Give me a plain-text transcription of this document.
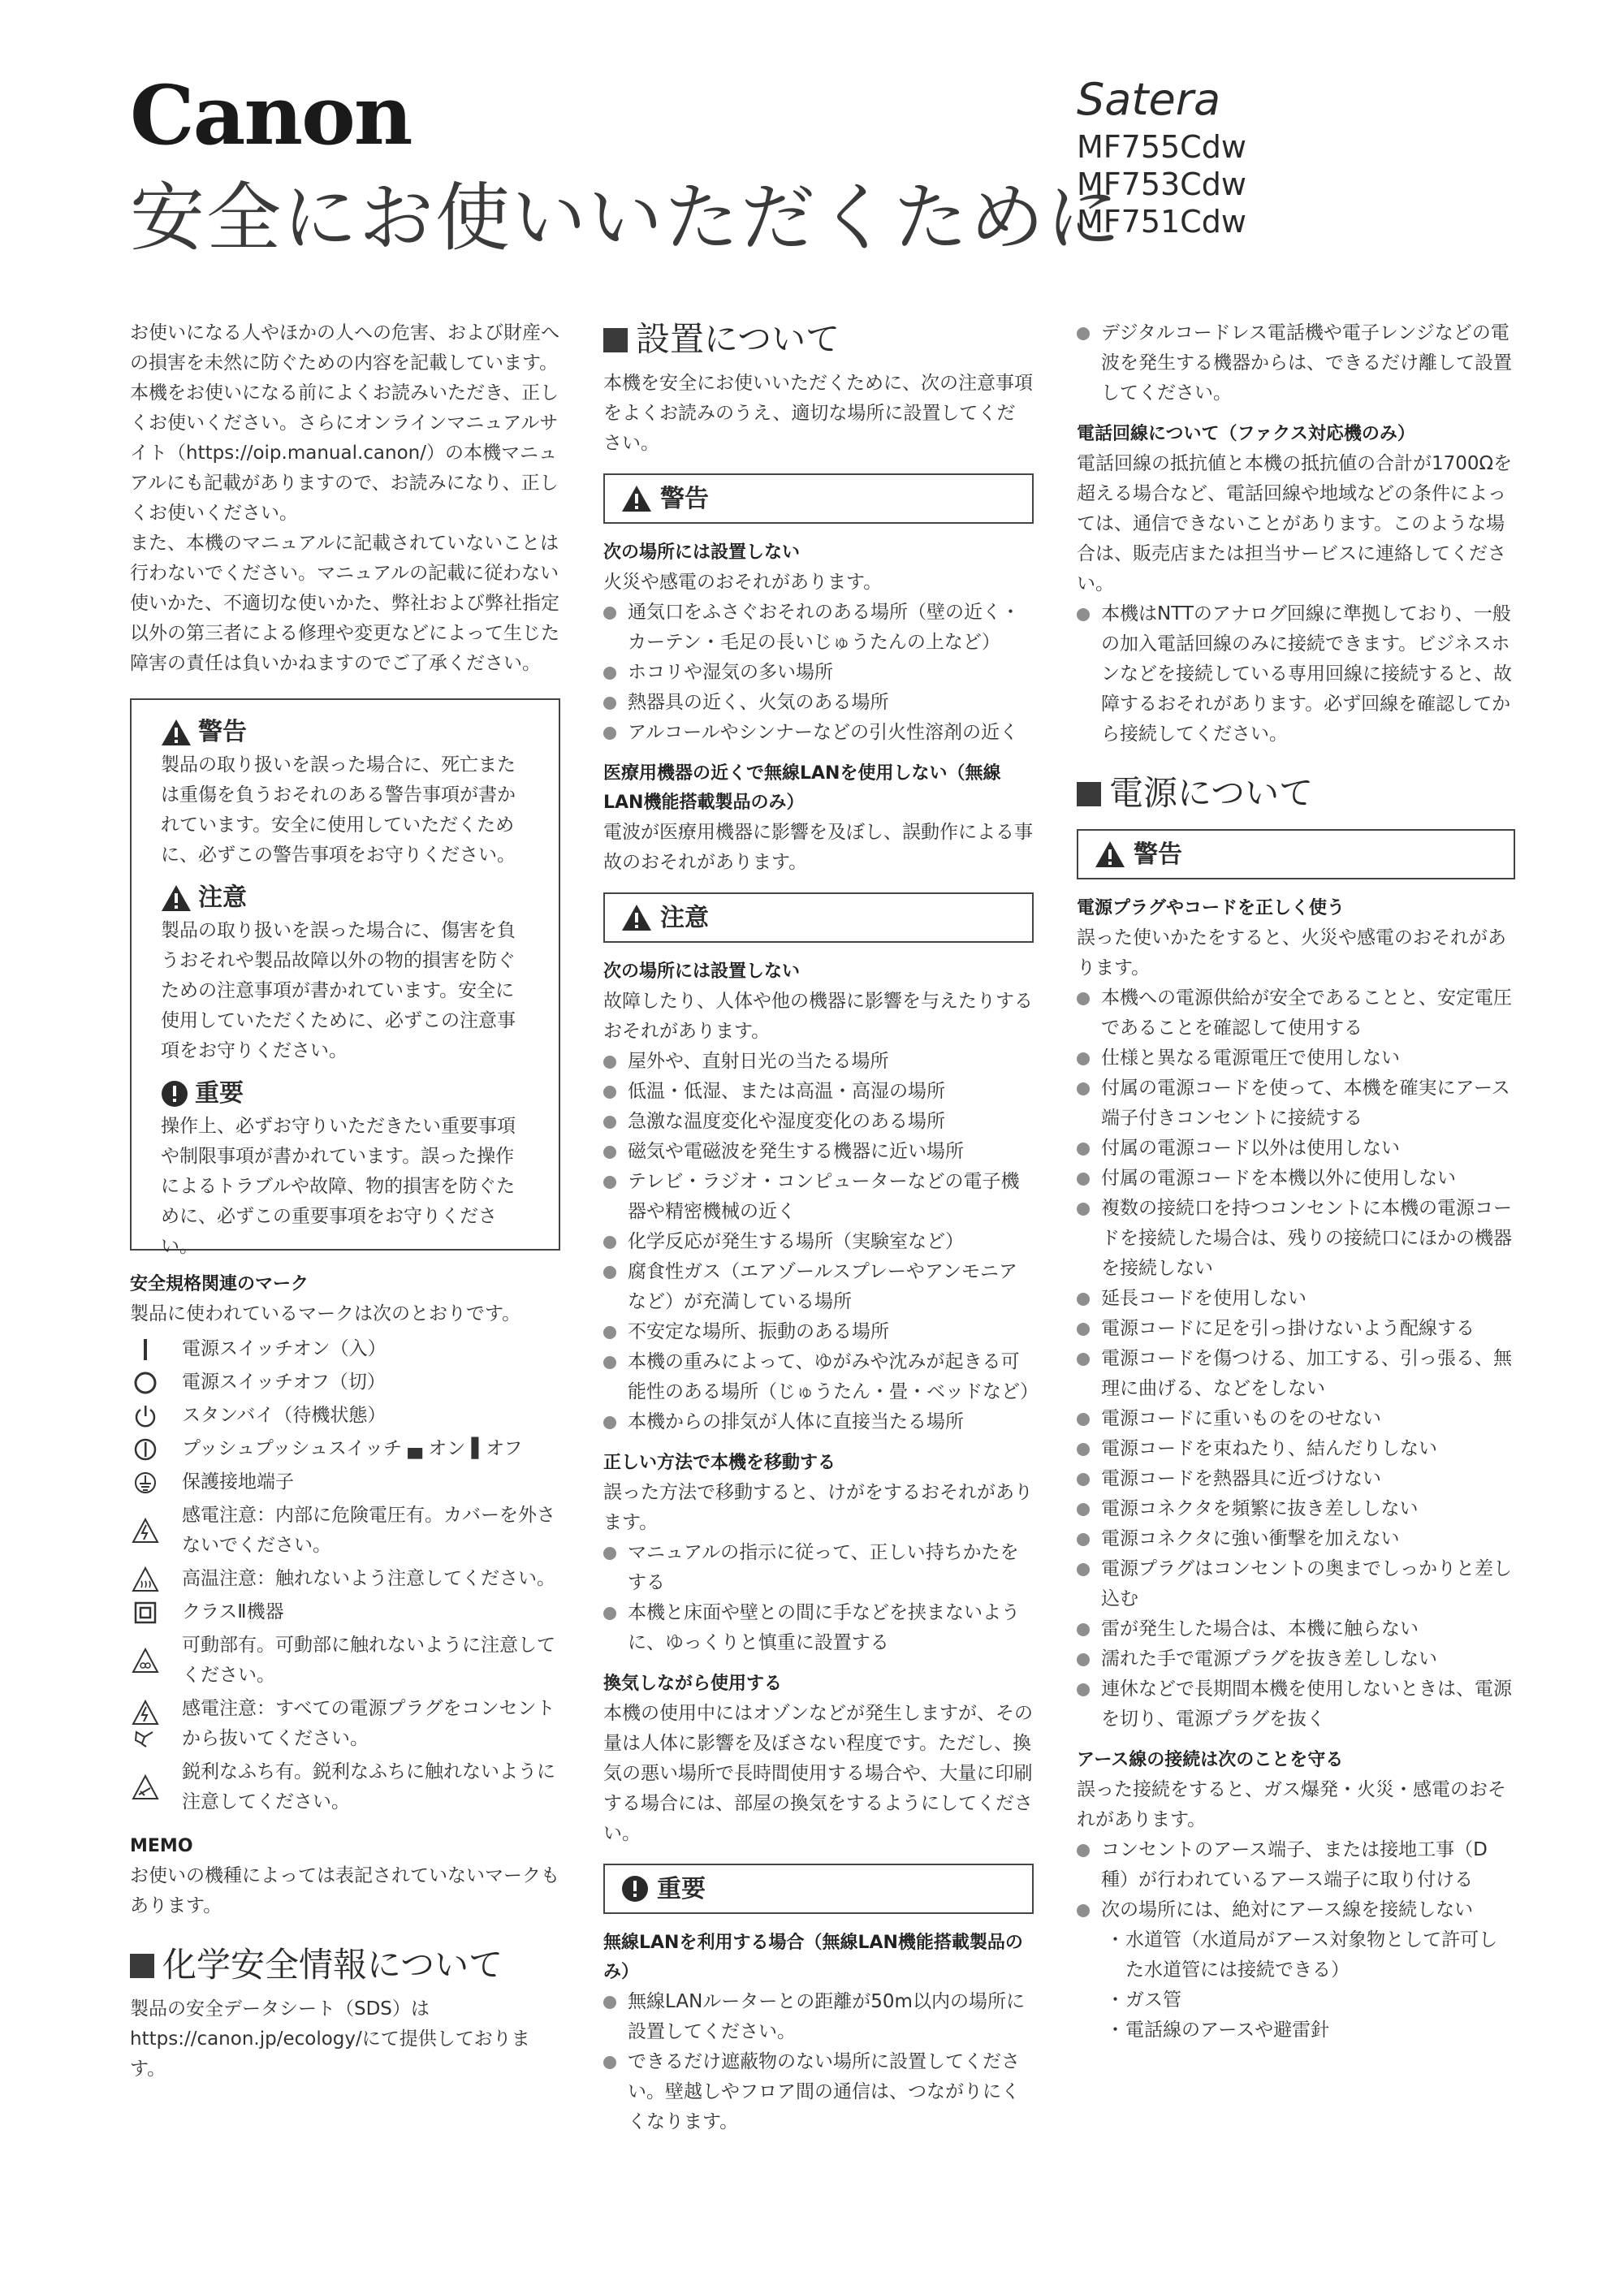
Canon
安全にお使いいただくために
Satera
MF755Cdw
MF753Cdw
MF751Cdw

お使いになる人やほかの人への危害、および財産への損害を未然に防ぐための内容を記載しています。本機をお使いになる前によくお読みいただき、正しくお使いください。さらにオンラインマニュアルサイト（https://oip.manual.canon/）の本機マニュアルにも記載がありますので、お読みになり、正しくお使いください。

また、本機のマニュアルに記載されていないことは行わないでください。マニュアルの記載に従わない使いかた、不適切な使いかた、弊社および弊社指定以外の第三者による修理や変更などによって生じた障害の責任は負いかねますのでご了承ください。

警告

製品の取り扱いを誤った場合に、死亡または重傷を負うおそれのある警告事項が書かれています。安全に使用していただくために、必ずこの警告事項をお守りください。

注意

製品の取り扱いを誤った場合に、傷害を負うおそれや製品故障以外の物的損害を防ぐための注意事項が書かれています。安全に使用していただくために、必ずこの注意事項をお守りください。

重要

操作上、必ずお守りいただきたい重要事項や制限事項が書かれています。誤った操作によるトラブルや故障、物的損害を防ぐために、必ずこの重要事項をお守りください。

安全規格関連のマーク

製品に使われているマークは次のとおりです。

電源スイッチオン（入）
電源スイッチオフ（切）
スタンバイ（待機状態）
プッシュプッシュスイッチ ▄ オン ▌オフ
保護接地端子
感電注意：内部に危険電圧有。カバーを外さないでください。
高温注意：触れないよう注意してください。
クラスⅡ機器
可動部有。可動部に触れないように注意してください。
感電注意：すべての電源プラグをコンセントから抜いてください。
鋭利なふち有。鋭利なふちに触れないように注意してください。
MEMO

お使いの機種によっては表記されていないマークもあります。

化学安全情報について

製品の安全データシート（SDS）は

https://canon.jp/ecology/にて提供しております。

設置について

本機を安全にお使いいただくために、次の注意事項をよくお読みのうえ、適切な場所に設置してください。

警告
次の場所には設置しない

火災や感電のおそれがあります。

通気口をふさぐおそれのある場所（壁の近く・カーテン・毛足の長いじゅうたんの上など）
ホコリや湿気の多い場所
熱器具の近く、火気のある場所
アルコールやシンナーなどの引火性溶剤の近く
医療用機器の近くで無線LANを使用しない（無線LAN機能搭載製品のみ）

電波が医療用機器に影響を及ぼし、誤動作による事故のおそれがあります。

注意
次の場所には設置しない

故障したり、人体や他の機器に影響を与えたりするおそれがあります。

屋外や、直射日光の当たる場所
低温・低湿、または高温・高湿の場所
急激な温度変化や湿度変化のある場所
磁気や電磁波を発生する機器に近い場所
テレビ・ラジオ・コンピューターなどの電子機器や精密機械の近く
化学反応が発生する場所（実験室など）
腐食性ガス（エアゾールスプレーやアンモニアなど）が充満している場所
不安定な場所、振動のある場所
本機の重みによって、ゆがみや沈みが起きる可能性のある場所（じゅうたん・畳・ベッドなど）
本機からの排気が人体に直接当たる場所
正しい方法で本機を移動する

誤った方法で移動すると、けがをするおそれがあります。

マニュアルの指示に従って、正しい持ちかたをする
本機と床面や壁との間に手などを挟まないように、ゆっくりと慎重に設置する
換気しながら使用する

本機の使用中にはオゾンなどが発生しますが、その量は人体に影響を及ぼさない程度です。ただし、換気の悪い場所で長時間使用する場合や、大量に印刷する場合には、部屋の換気をするようにしてください。

重要
無線LANを利用する場合（無線LAN機能搭載製品のみ）
無線LANルーターとの距離が50m以内の場所に設置してください。
できるだけ遮蔽物のない場所に設置してください。壁越しやフロア間の通信は、つながりにくくなります。
デジタルコードレス電話機や電子レンジなどの電波を発生する機器からは、できるだけ離して設置してください。
電話回線について（ファクス対応機のみ）

電話回線の抵抗値と本機の抵抗値の合計が1700Ωを超える場合など、電話回線や地域などの条件によっては、通信できないことがあります。このような場合は、販売店または担当サービスに連絡してください。

本機はNTTのアナログ回線に準拠しており、一般の加入電話回線のみに接続できます。ビジネスホンなどを接続している専用回線に接続すると、故障するおそれがあります。必ず回線を確認してから接続してください。
電源について
警告
電源プラグやコードを正しく使う

誤った使いかたをすると、火災や感電のおそれがあります。

本機への電源供給が安全であることと、安定電圧であることを確認して使用する
仕様と異なる電源電圧で使用しない
付属の電源コードを使って、本機を確実にアース端子付きコンセントに接続する
付属の電源コード以外は使用しない
付属の電源コードを本機以外に使用しない
複数の接続口を持つコンセントに本機の電源コードを接続した場合は、残りの接続口にほかの機器を接続しない
延長コードを使用しない
電源コードに足を引っ掛けないよう配線する
電源コードを傷つける、加工する、引っ張る、無理に曲げる、などをしない
電源コードに重いものをのせない
電源コードを束ねたり、結んだりしない
電源コードを熱器具に近づけない
電源コネクタを頻繁に抜き差ししない
電源コネクタに強い衝撃を加えない
電源プラグはコンセントの奥までしっかりと差し込む
雷が発生した場合は、本機に触らない
濡れた手で電源プラグを抜き差ししない
連休などで長期間本機を使用しないときは、電源を切り、電源プラグを抜く
アース線の接続は次のことを守る

誤った接続をすると、ガス爆発・火災・感電のおそれがあります。

コンセントのアース端子、または接地工事（D種）が行われているアース端子に取り付ける
次の場所には、絶対にアース線を接続しない
・ 水道管（水道局がアース対象物として許可した水道管には接続できる）
・ ガス管
・ 電話線のアースや避雷針
